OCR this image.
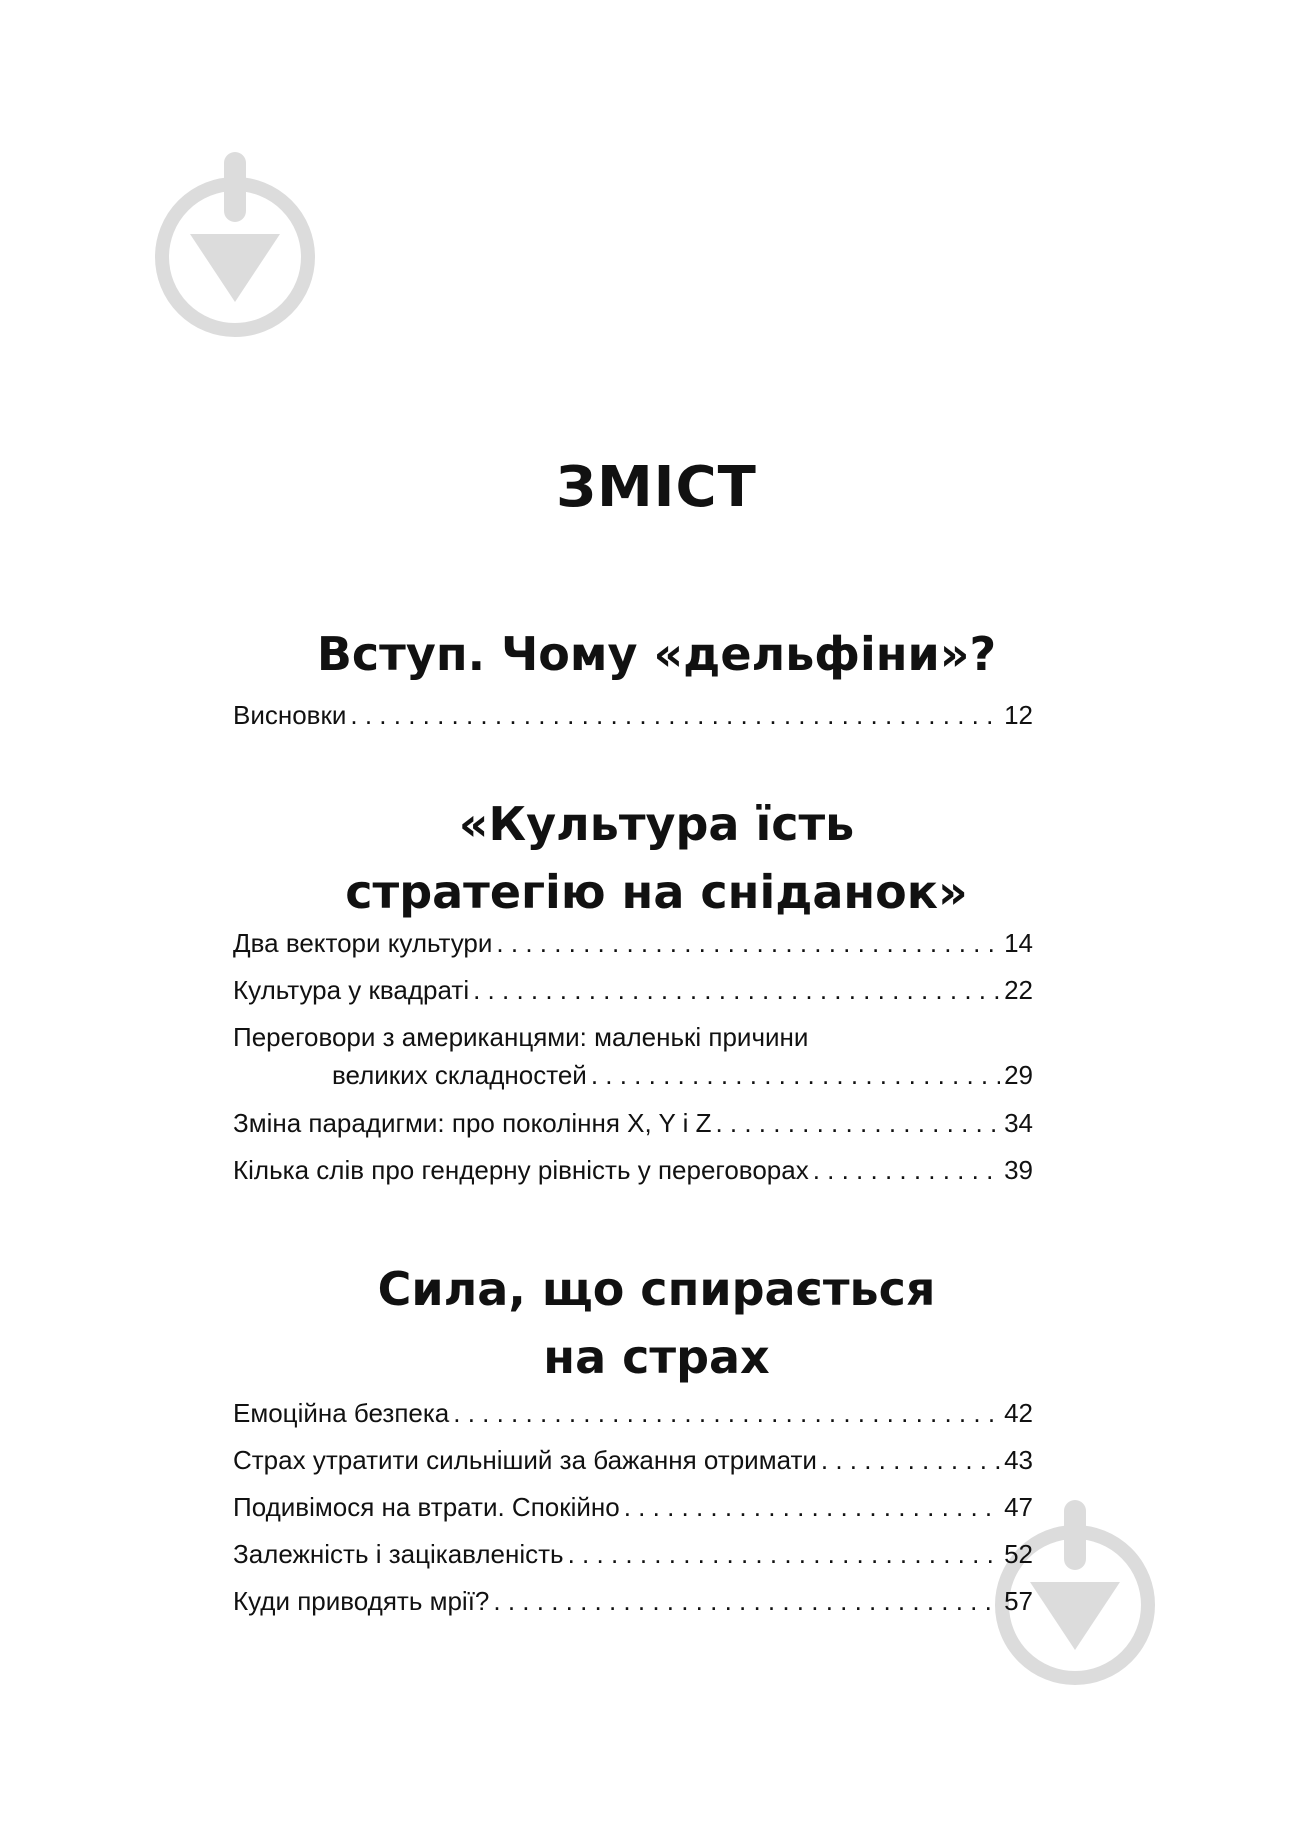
ЗМІСТ
Вступ. Чому «дельфіни»?
Висновки . . .	12
«Культура їсть
стратегію на сніданок»
Два вектори культури . . .	14
Культура у квадраті . . .	22
Переговори з американцями: маленькі причини
великих складностей . . .	29
Зміна парадигми: про покоління X, Y і Z . . .	34
Кілька слів про гендерну рівність у переговорах . . .	39
Сила, що спирається
на страх
Емоційна безпека . . .	42
Страх утратити сильніший за бажання отримати . . .	43
Подивімося на втрати. Спокійно . . .	47
Залежність і зацікавленість . . .	52
Куди приводять мрії? . . .	57
